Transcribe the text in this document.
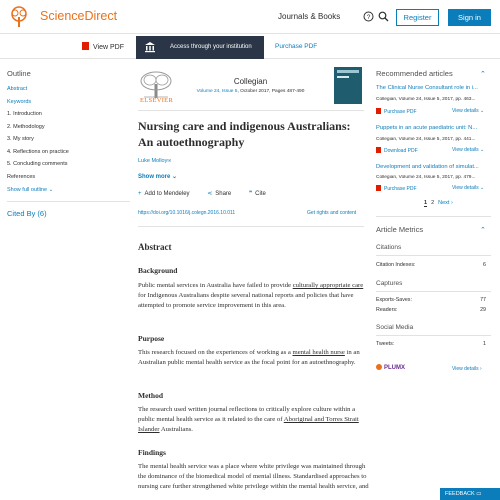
ScienceDirect	Journals & Books	?	Register	Sign in
View PDF	Access through your institution	Purchase PDF
Outline
Abstract
Keywords
1. Introduction
2. Methodology
3. My story
4. Reflections on practice
5. Concluding comments
References
Show full outline ⌄
Cited By (6)
ELSEVIER
Collegian
Volume 24, Issue 5, October 2017, Pages 487-490
Nursing care and indigenous Australians: An autoethnography
Luke Molloy✉
Show more ⌄
+ Add to Mendeley	⋖ Share	❞ Cite
https://doi.org/10.1016/j.colegn.2016.10.011	Get rights and content
Abstract
Background

Public mental services in Australia have failed to provide culturally appropriate care for Indigenous Australians despite several national reports and policies that have attempted to promote service improvement in this area.

Purpose

This research focused on the experiences of working as a mental health nurse in an Australian public mental health service as the focal point for an autoethnography.

Method

The research used written journal reflections to critically explore culture within a public mental health service as it related to the care of Aboriginal and Torres Strait Islander Australians.

Findings

The mental health service was a place where white privilege was maintained through the dominance of the biomedical model of mental illness. Standardised approaches to nursing care further strengthened white privilege within the mental health service, and

Recommended articles	⌃
The Clinical Nurse Consultant role in i...
Collegian, Volume 24, Issue 5, 2017, pp. 463...
Purchase PDF	View details ⌄
Puppets in an acute paediatric unit: N...
Collegian, Volume 24, Issue 5, 2017, pp. 441...
Download PDF	View details ⌄
Development and validation of simulat...
Collegian, Volume 24, Issue 5, 2017, pp. 479...
Purchase PDF	View details ⌄
1 2 Next ›
Article Metrics	⌃
Citations
Citation Indexes:	6
Captures
Exports-Saves:	77
Readers:	29
Social Media
Tweets:	1
PLUMX	View details ›
FEEDBACK ▭
